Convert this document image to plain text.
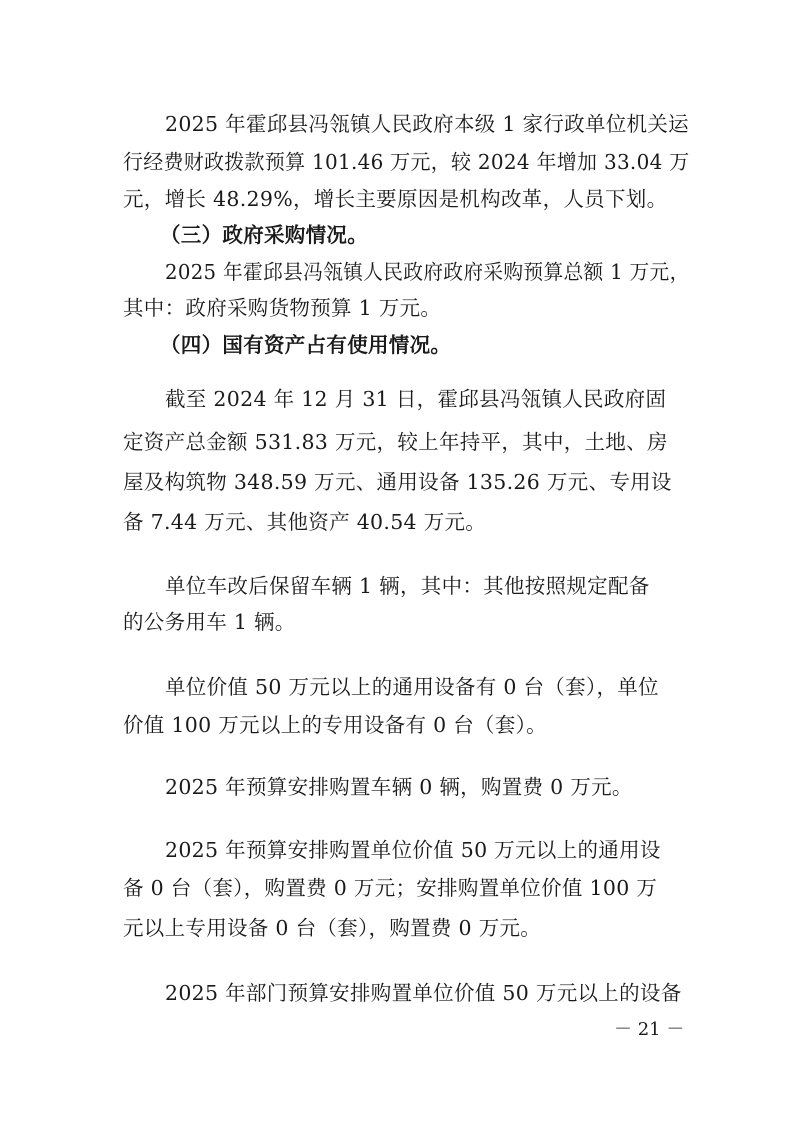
2025 年霍邱县冯瓴镇人民政府本级 1 家行政单位机关运
行经费财政拨款预算 101.46 万元，较 2024 年增加 33.04 万
元，增长 48.29%，增长主要原因是机构改革，人员下划。
（三）政府采购情况。
2025 年霍邱县冯瓴镇人民政府政府采购预算总额 1 万元，
其中：政府采购货物预算 1 万元。
（四）国有资产占有使用情况。
截至 2024 年 12 月 31 日，霍邱县冯瓴镇人民政府固
定资产总金额 531.83 万元，较上年持平，其中，土地、房
屋及构筑物 348.59 万元、通用设备 135.26 万元、专用设
备 7.44 万元、其他资产 40.54 万元。
单位车改后保留车辆 1 辆，其中：其他按照规定配备
的公务用车 1 辆。
单位价值 50 万元以上的通用设备有 0 台（套），单位
价值 100 万元以上的专用设备有 0 台（套）。
2025 年预算安排购置车辆 0 辆，购置费 0 万元。
2025 年预算安排购置单位价值 50 万元以上的通用设
备 0 台（套），购置费 0 万元；安排购置单位价值 100 万
元以上专用设备 0 台（套），购置费 0 万元。
2025 年部门预算安排购置单位价值 50 万元以上的设备
－ 21 －
